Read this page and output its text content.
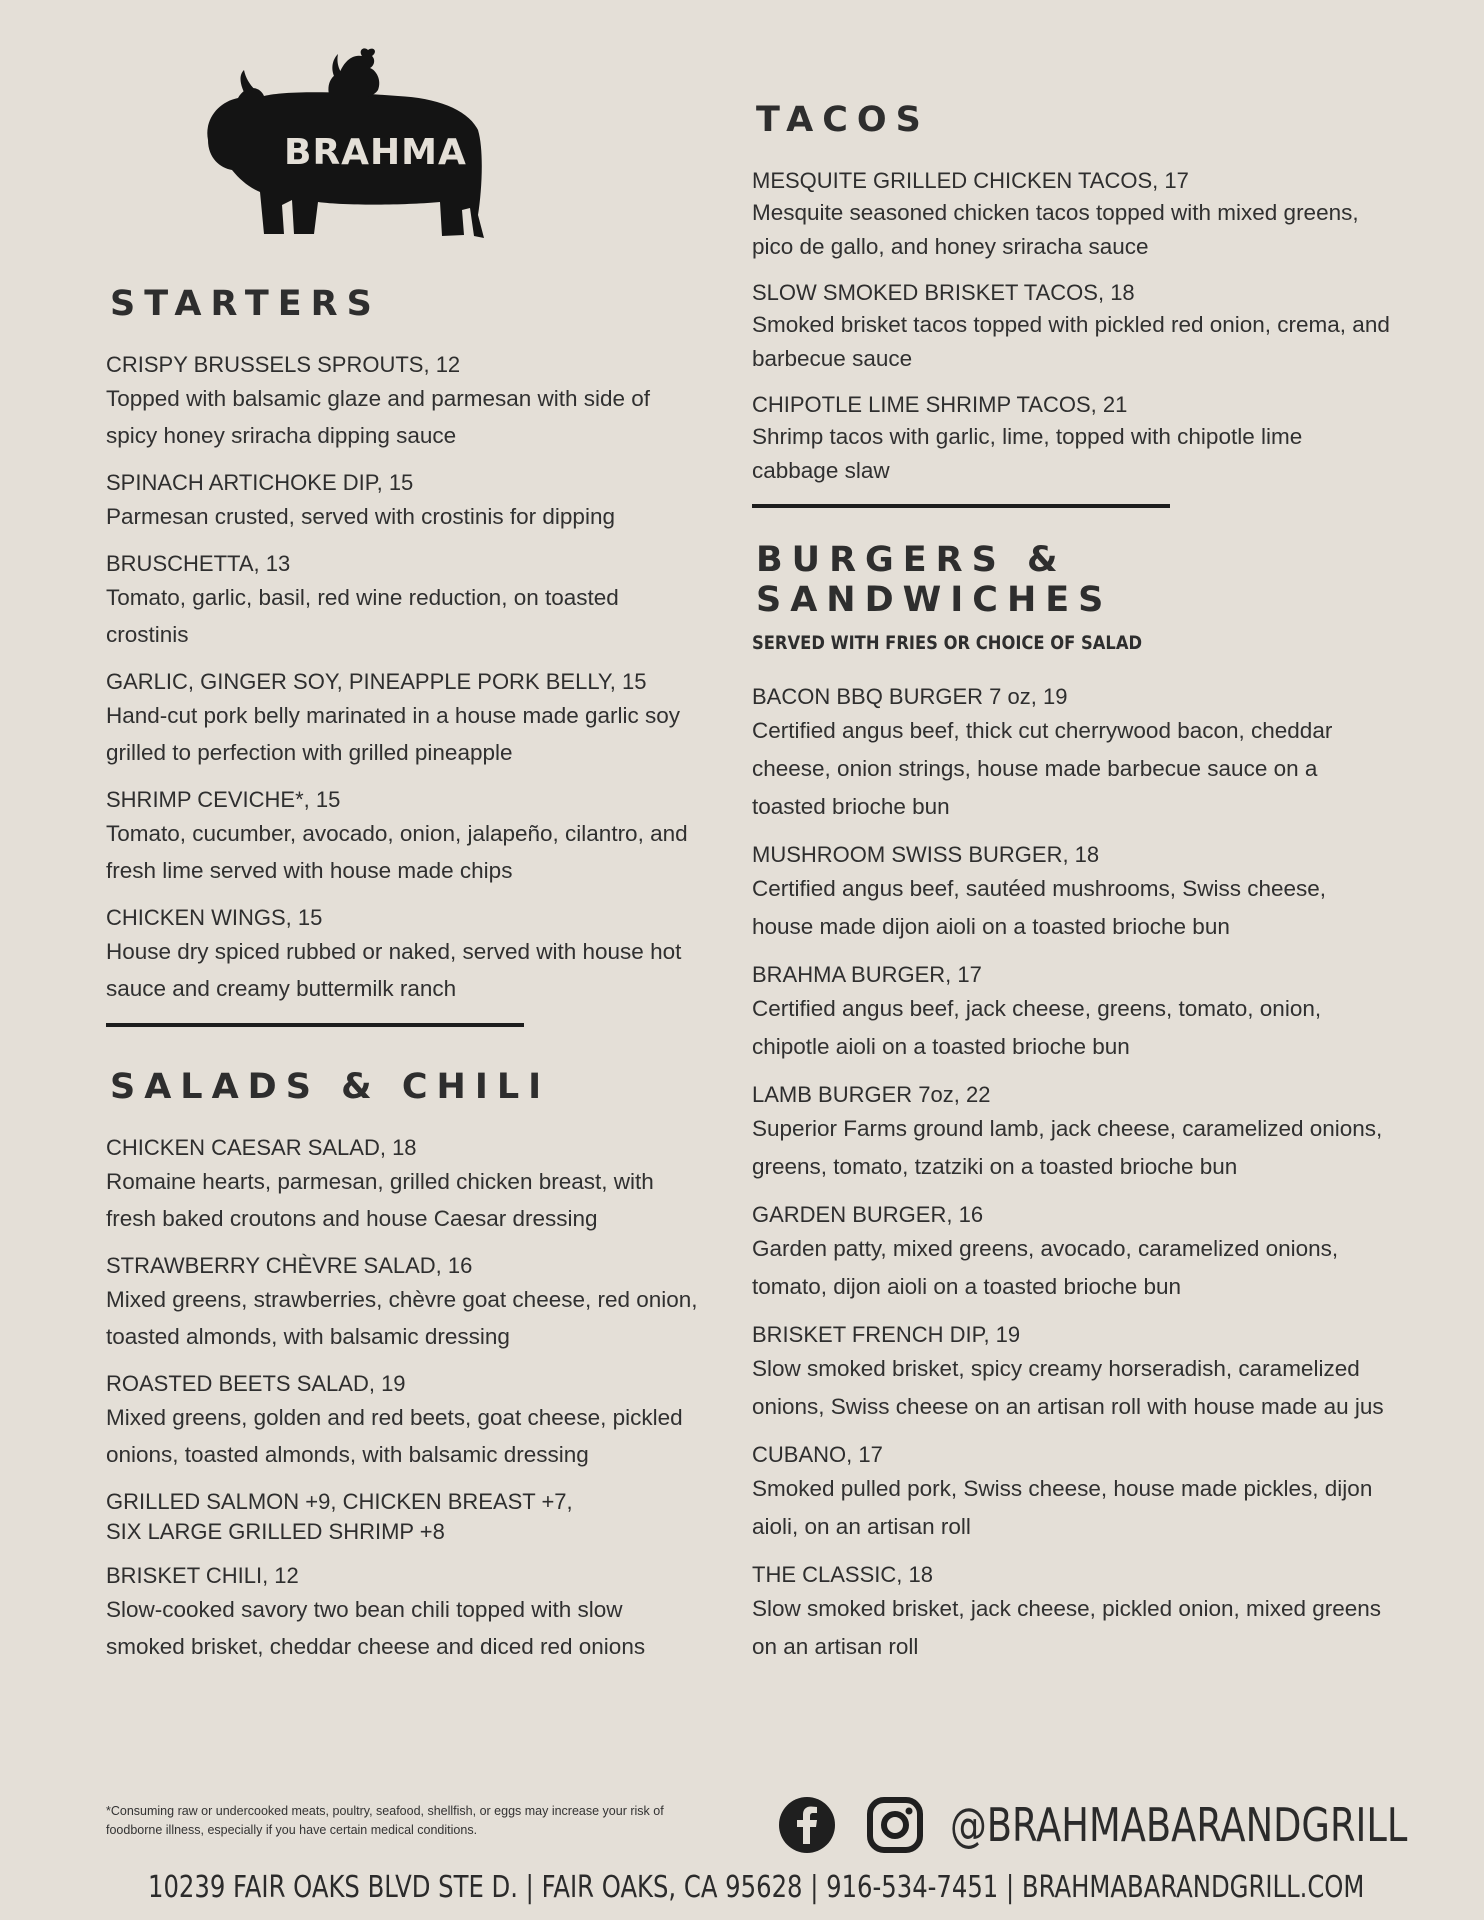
BRAHMA
STARTERS
CRISPY BRUSSELS SPROUTS, 12
Topped with balsamic glaze and parmesan with side of spicy honey sriracha dipping sauce
SPINACH ARTICHOKE DIP, 15
Parmesan crusted, served with crostinis for dipping
BRUSCHETTA, 13
Tomato, garlic, basil, red wine reduction, on toasted crostinis
GARLIC, GINGER SOY, PINEAPPLE PORK BELLY, 15
Hand-cut pork belly marinated in a house made garlic soy grilled to perfection with grilled pineapple
SHRIMP CEVICHE*, 15
Tomato, cucumber, avocado, onion, jalapeño, cilantro, and fresh lime served with house made chips
CHICKEN WINGS, 15
House dry spiced rubbed or naked, served with house hot sauce and creamy buttermilk ranch
SALADS & CHILI
CHICKEN CAESAR SALAD, 18
Romaine hearts, parmesan, grilled chicken breast, with fresh baked croutons and house Caesar dressing
STRAWBERRY CHÈVRE SALAD, 16
Mixed greens, strawberries, chèvre goat cheese, red onion, toasted almonds, with balsamic dressing
ROASTED BEETS SALAD, 19
Mixed greens, golden and red beets, goat cheese, pickled onions, toasted almonds, with balsamic dressing
GRILLED SALMON +9, CHICKEN BREAST +7,
SIX LARGE GRILLED SHRIMP +8
BRISKET CHILI, 12
Slow-cooked savory two bean chili topped with slow smoked brisket, cheddar cheese and diced red onions
TACOS
MESQUITE GRILLED CHICKEN TACOS, 17
Mesquite seasoned chicken tacos topped with mixed greens, pico de gallo, and honey sriracha sauce
SLOW SMOKED BRISKET TACOS, 18
Smoked brisket tacos topped with pickled red onion, crema, and barbecue sauce
CHIPOTLE LIME SHRIMP TACOS, 21
Shrimp tacos with garlic, lime, topped with chipotle lime cabbage slaw
BURGERS & SANDWICHES
SERVED WITH FRIES OR CHOICE OF SALAD
BACON BBQ BURGER 7 oz, 19
Certified angus beef, thick cut cherrywood bacon, cheddar cheese, onion strings, house made barbecue sauce on a toasted brioche bun
MUSHROOM SWISS BURGER, 18
Certified angus beef, sautéed mushrooms, Swiss cheese, house made dijon aioli on a toasted brioche bun
BRAHMA BURGER, 17
Certified angus beef, jack cheese, greens, tomato, onion, chipotle aioli on a toasted brioche bun
LAMB BURGER 7oz, 22
Superior Farms ground lamb, jack cheese, caramelized onions, greens, tomato, tzatziki on a toasted brioche bun
GARDEN BURGER, 16
Garden patty, mixed greens, avocado, caramelized onions, tomato, dijon aioli on a toasted brioche bun
BRISKET FRENCH DIP, 19
Slow smoked brisket, spicy creamy horseradish, caramelized onions, Swiss cheese on an artisan roll with house made au jus
CUBANO, 17
Smoked pulled pork, Swiss cheese, house made pickles, dijon aioli, on an artisan roll
THE CLASSIC, 18
Slow smoked brisket, jack cheese, pickled onion, mixed greens on an artisan roll
*Consuming raw or undercooked meats, poultry, seafood, shellfish, or eggs may increase your risk of foodborne illness, especially if you have certain medical conditions.	@BRAHMABARANDGRILL
10239 FAIR OAKS BLVD STE D. | FAIR OAKS, CA 95628 | 916-534-7451 | BRAHMABARANDGRILL.COM
